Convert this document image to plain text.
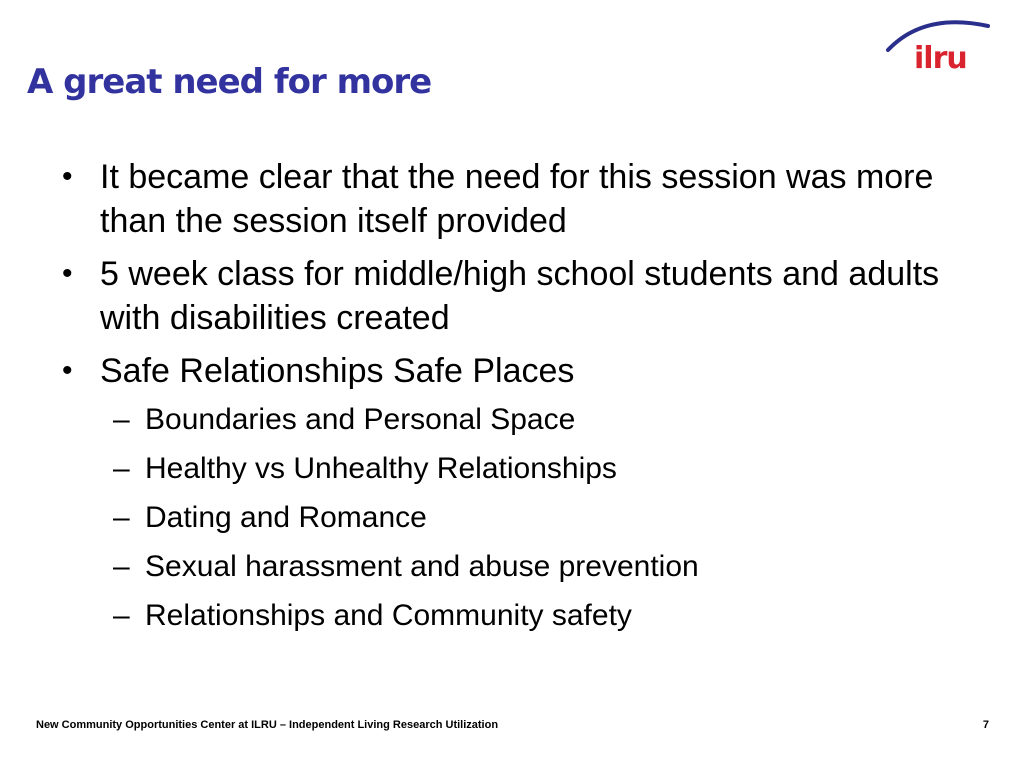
A great need for more
ilru
• It became clear that the need for this session was more than the session itself provided
• 5 week class for middle/high school students and adults with disabilities created
• Safe Relationships Safe Places
– Boundaries and Personal Space
– Healthy vs Unhealthy Relationships
– Dating and Romance
– Sexual harassment and abuse prevention
– Relationships and Community safety
New Community Opportunities Center at ILRU – Independent Living Research Utilization	7
